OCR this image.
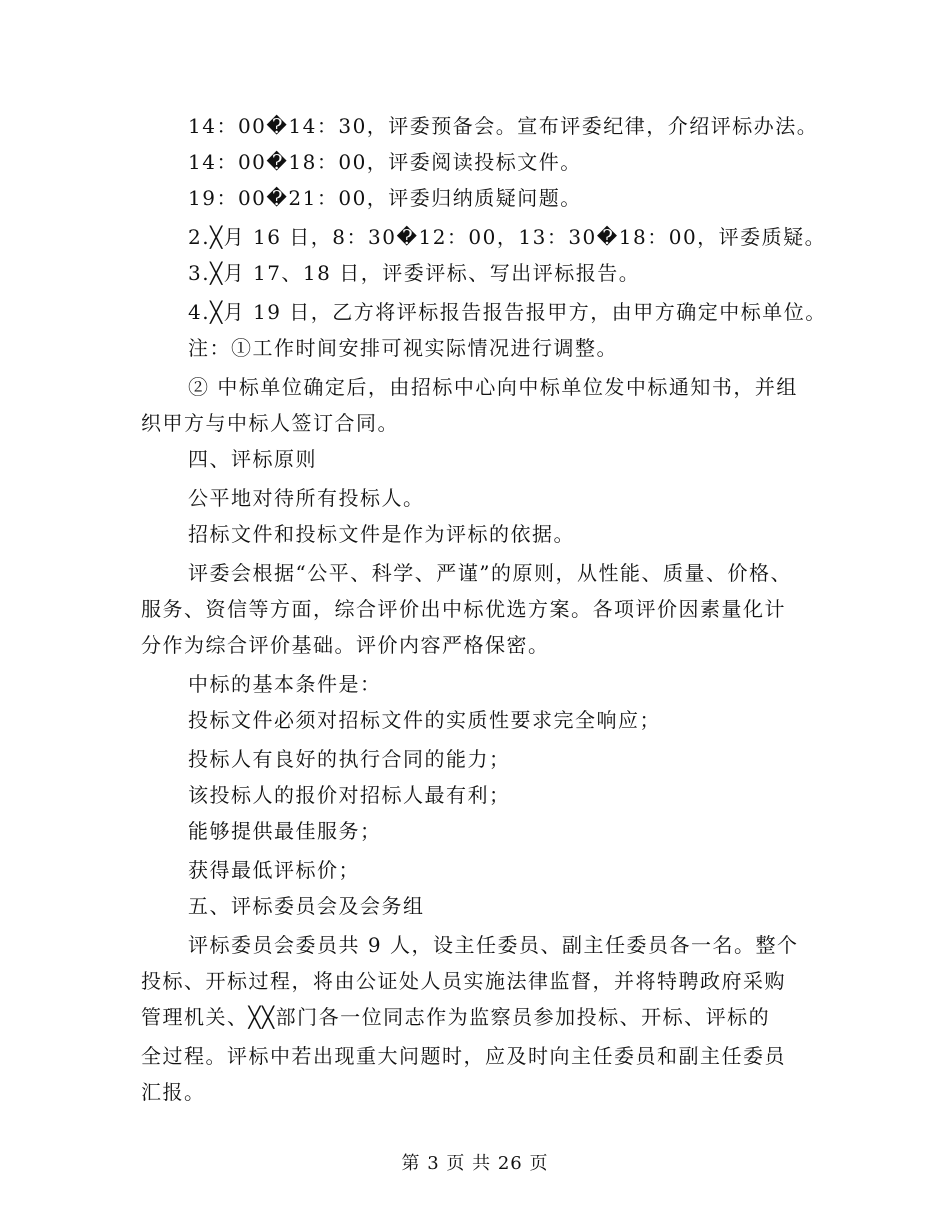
14：00�14：30，评委预备会。宣布评委纪律，介绍评标办法。
14：00�18：00，评委阅读投标文件。
19：00�21：00，评委归纳质疑问题。
2.╳月 16 日，8：30�12：00，13：30�18：00，评委质疑。
3.╳月 17、18 日，评委评标、写出评标报告。
4.╳月 19 日，乙方将评标报告报告报甲方，由甲方确定中标单位。
注：①工作时间安排可视实际情况进行调整。
② 中标单位确定后，由招标中心向中标单位发中标通知书，并组
织甲方与中标人签订合同。
四、评标原则
公平地对待所有投标人。
招标文件和投标文件是作为评标的依据。
评委会根据“公平、科学、严谨”的原则，从性能、质量、价格、
服务、资信等方面，综合评价出中标优选方案。各项评价因素量化计
分作为综合评价基础。评价内容严格保密。
中标的基本条件是：
投标文件必须对招标文件的实质性要求完全响应；
投标人有良好的执行合同的能力；
该投标人的报价对招标人最有利；
能够提供最佳服务；
获得最低评标价；
五、评标委员会及会务组
评标委员会委员共 9 人，设主任委员、副主任委员各一名。整个
投标、开标过程，将由公证处人员实施法律监督，并将特聘政府采购
管理机关、╳╳部门各一位同志作为监察员参加投标、开标、评标的
全过程。评标中若出现重大问题时，应及时向主任委员和副主任委员
汇报。
第 3 页 共 26 页
